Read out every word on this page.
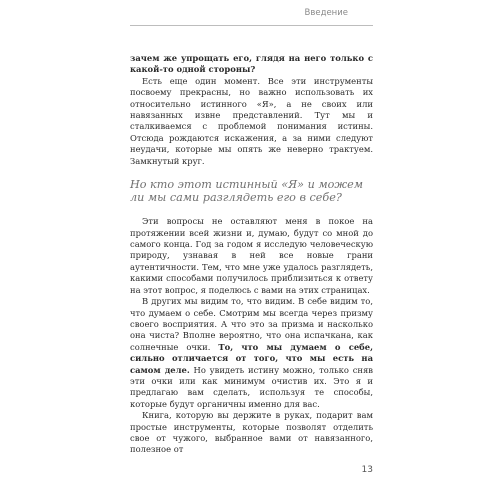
Введение

зачем же упрощать его, глядя на него только с какой-то одной стороны?

Есть еще один момент. Все эти инструменты посвоему прекрасны, но важно использовать их относительно истинного «Я», а не своих или навязанных извне представлений. Тут мы и сталкиваемся с проблемой понимания истины. Отсюда рождаются искажения, а за ними следуют неудачи, которые мы опять же неверно трактуем. Замкнутый круг.

Но кто этот истинный «Я» и можем ли мы сами разглядеть его в себе?

Эти вопросы не оставляют меня в покое на протяжении всей жизни и, думаю, будут со мной до самого конца. Год за годом я исследую человеческую природу, узнавая в ней все новые грани аутентичности. Тем, что мне уже удалось разглядеть, какими способами получилось приблизиться к ответу на этот вопрос, я поделюсь с вами на этих страницах.

В других мы видим то, что видим. В себе видим то, что думаем о себе. Смотрим мы всегда через призму своего восприятия. А что это за призма и насколько она чиста? Вполне вероятно, что она испачкана, как солнечные очки. То, что мы думаем о себе, сильно отличается от того, что мы есть на самом деле. Но увидеть истину можно, только сняв эти очки или как минимум очистив их. Это я и предлагаю вам сделать, используя те способы, которые будут органичны именно для вас.

Книга, которую вы держите в руках, подарит вам простые инструменты, которые позволят отделить свое от чужого, выбранное вами от навязанного, полезное от

13
